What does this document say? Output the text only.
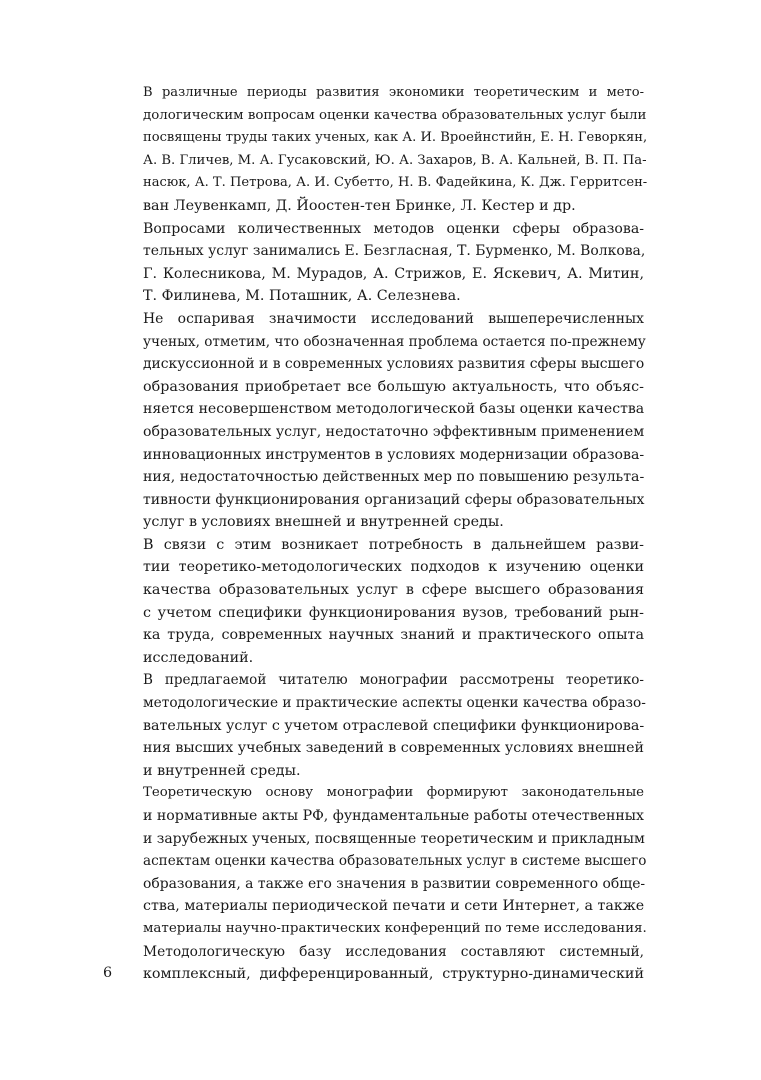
В различные периоды развития экономики теоретическим и мето-
дологическим вопросам оценки качества образовательных услуг были
посвящены труды таких ученых, как А. И. Вроейнстийн, Е. Н. Геворкян,
А. В. Гличев, М. А. Гусаковский, Ю. А. Захаров, В. А. Кальней, В. П. Па-
насюк, А. Т. Петрова, А. И. Субетто, Н. В. Фадейкина, К. Дж. Герритсен-
ван Леувенкамп, Д. Йоостен-тен Бринке, Л. Кестер и др.

Вопросами количественных методов оценки сферы образова-
тельных услуг занимались Е. Безгласная, Т. Бурменко, М. Волкова,
Г. Колесникова, М. Мурадов, А. Стрижов, Е. Яскевич, А. Митин,
Т. Филинева, М. Поташник, А. Селезнева.

Не оспаривая значимости исследований вышеперечисленных
ученых, отметим, что обозначенная проблема остается по-прежнему
дискуссионной и в современных условиях развития сферы высшего
образования приобретает все большую актуальность, что объяс-
няется несовершенством методологической базы оценки качества
образовательных услуг, недостаточно эффективным применением
инновационных инструментов в условиях модернизации образова-
ния, недостаточностью действенных мер по повышению результа-
тивности функционирования организаций сферы образовательных
услуг в условиях внешней и внутренней среды.

В связи с этим возникает потребность в дальнейшем разви-
тии теоретико-методологических подходов к изучению оценки
качества образовательных услуг в сфере высшего образования
с учетом специфики функционирования вузов, требований рын-
ка труда, современных научных знаний и практического опыта
исследований.

В предлагаемой читателю монографии рассмотрены теоретико-
методологические и практические аспекты оценки качества образо-
вательных услуг с учетом отраслевой специфики функционирова-
ния высших учебных заведений в современных условиях внешней
и внутренней среды.

Теоретическую основу монографии формируют законодательные
и нормативные акты РФ, фундаментальные работы отечественных
и зарубежных ученых, посвященные теоретическим и прикладным
аспектам оценки качества образовательных услуг в системе высшего
образования, а также его значения в развитии современного обще-
ства, материалы периодической печати и сети Интернет, а также
материалы научно-практических конференций по теме исследования.

Методологическую базу исследования составляют системный,
комплексный, дифференцированный, структурно-динамический

6
